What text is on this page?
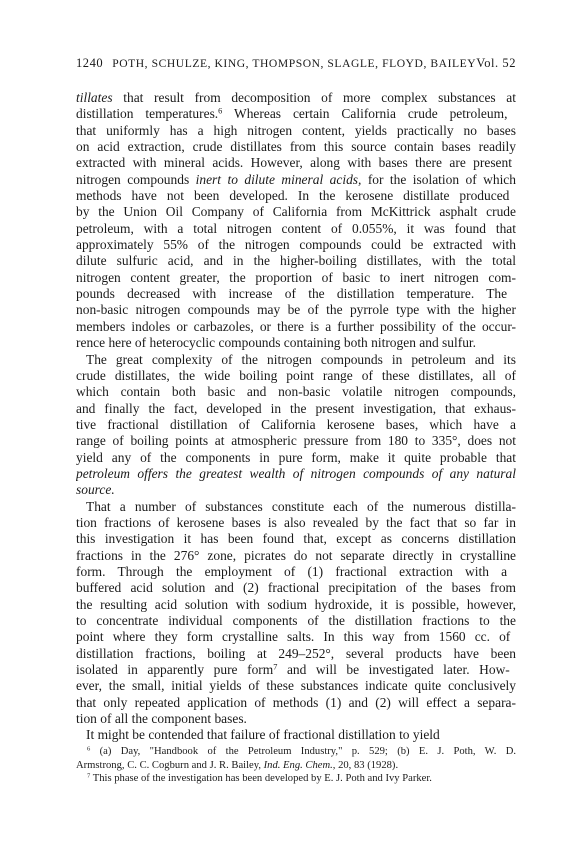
1240 POTH, SCHULZE, KING, THOMPSON, SLAGLE, FLOYD, BAILEY Vol. 52
tillates that result from decomposition of more complex substances at
distillation temperatures.$^6$ Whereas certain California crude petroleum,
that uniformly has a high nitrogen content, yields practically no bases
on acid extraction, crude distillates from this source contain bases readily
extracted with mineral acids. However, along with bases there are present
nitrogen compounds inert to dilute mineral acids, for the isolation of which
methods have not been developed. In the kerosene distillate produced
by the Union Oil Company of California from McKittrick asphalt crude
petroleum, with a total nitrogen content of 0.055%, it was found that
approximately 55% of the nitrogen compounds could be extracted with
dilute sulfuric acid, and in the higher-boiling distillates, with the total
nitrogen content greater, the proportion of basic to inert nitrogen com-
pounds decreased with increase of the distillation temperature. The
non-basic nitrogen compounds may be of the pyrrole type with the higher
members indoles or carbazoles, or there is a further possibility of the occur-
rence here of heterocyclic compounds containing both nitrogen and sulfur.
The great complexity of the nitrogen compounds in petroleum and its
crude distillates, the wide boiling point range of these distillates, all of
which contain both basic and non-basic volatile nitrogen compounds,
and finally the fact, developed in the present investigation, that exhaus-
tive fractional distillation of California kerosene bases, which have a
range of boiling points at atmospheric pressure from 180 to 335°, does not
yield any of the components in pure form, make it quite probable that
petroleum offers the greatest wealth of nitrogen compounds of any natural
source.
That a number of substances constitute each of the numerous distilla-
tion fractions of kerosene bases is also revealed by the fact that so far in
this investigation it has been found that, except as concerns distillation
fractions in the 276° zone, picrates do not separate directly in crystalline
form. Through the employment of (1) fractional extraction with a
buffered acid solution and (2) fractional precipitation of the bases from
the resulting acid solution with sodium hydroxide, it is possible, however,
to concentrate individual components of the distillation fractions to the
point where they form crystalline salts. In this way from 1560 cc. of
distillation fractions, boiling at 249–252°, several products have been
isolated in apparently pure form$^7$ and will be investigated later. How-
ever, the small, initial yields of these substances indicate quite conclusively
that only repeated application of methods (1) and (2) will effect a separa-
tion of all the component bases.
It might be contended that failure of fractional distillation to yield
$^6$ (a) Day, "Handbook of the Petroleum Industry," p. 529; (b) E. J. Poth, W. D.
Armstrong, C. C. Cogburn and J. R. Bailey, Ind. Eng. Chem., 20, 83 (1928).
$^7$ This phase of the investigation has been developed by E. J. Poth and Ivy Parker.
